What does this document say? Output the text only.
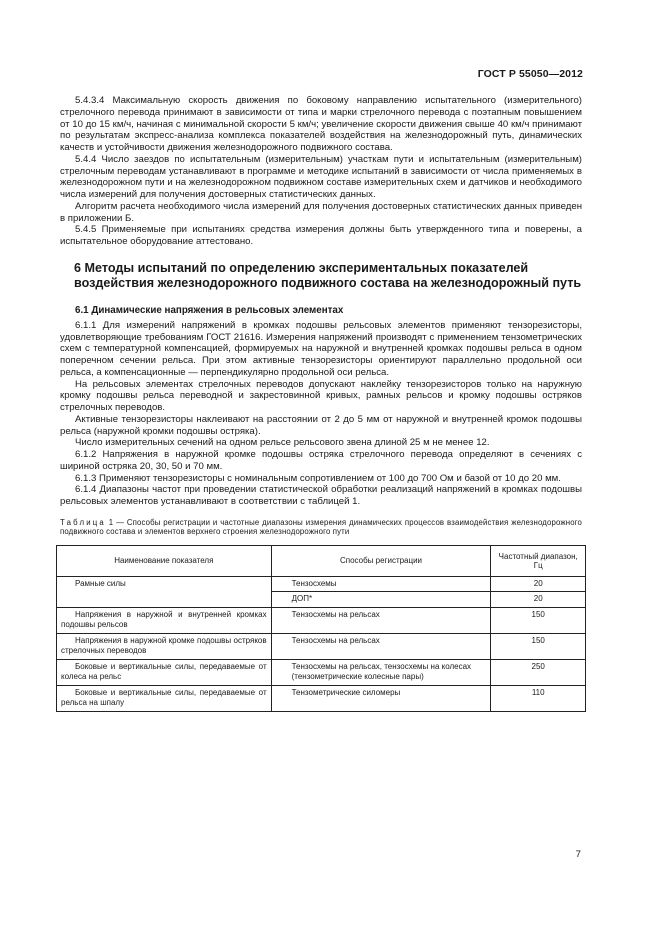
ГОСТ Р 55050—2012

5.4.3.4 Максимальную скорость движения по боковому направлению испытательного (измерительного) стрелочного перевода принимают в зависимости от типа и марки стрелочного перевода с поэтапным повышением от 10 до 15 км/ч, начиная с минимальной скорости 5 км/ч; увеличение скорости движения свыше 40 км/ч принимают по результатам экспресс-анализа комплекса показателей воздействия на железнодорожный путь, динамических качеств и устойчивости движения железнодорожного подвижного состава.

5.4.4 Число заездов по испытательным (измерительным) участкам пути и испытательным (измерительным) стрелочным переводам устанавливают в программе и методике испытаний в зависимости от числа применяемых в железнодорожном пути и на железнодорожном подвижном составе измерительных схем и датчиков и необходимого числа измерений для получения достоверных статистических данных.

Алгоритм расчета необходимого числа измерений для получения достоверных статистических данных приведен в приложении Б.

5.4.5 Применяемые при испытаниях средства измерения должны быть утвержденного типа и поверены, а испытательное оборудование аттестовано.

6 Методы испытаний по определению экспериментальных показателей воздействия железнодорожного подвижного состава на железнодорожный путь
6.1 Динамические напряжения в рельсовых элементах

6.1.1 Для измерений напряжений в кромках подошвы рельсовых элементов применяют тензорезисторы, удовлетворяющие требованиям ГОСТ 21616. Измерения напряжений производят с применением тензометрических схем с температурной компенсацией, формируемых на наружной и внутренней кромках подошвы рельса в одном поперечном сечении рельса. При этом активные тензорезисторы ориентируют параллельно продольной оси рельса, а компенсационные — перпендикулярно продольной оси рельса.

На рельсовых элементах стрелочных переводов допускают наклейку тензорезисторов только на наружную кромку подошвы рельса переводной и закрестовинной кривых, рамных рельсов и кромку подошвы остряков стрелочных переводов.

Активные тензорезисторы наклеивают на расстоянии от 2 до 5 мм от наружной и внутренней кромок подошвы рельса (наружной кромки подошвы остряка).

Число измерительных сечений на одном рельсе рельсового звена длиной 25 м не менее 12.

6.1.2 Напряжения в наружной кромке подошвы остряка стрелочного перевода определяют в сечениях с шириной остряка 20, 30, 50 и 70 мм.

6.1.3 Применяют тензорезисторы с номинальным сопротивлением от 100 до 700 Ом и базой от 10 до 20 мм.

6.1.4 Диапазоны частот при проведении статистической обработки реализаций напряжений в кромках подошвы рельсовых элементов устанавливают в соответствии с таблицей 1.

Таблица 1 — Способы регистрации и частотные диапазоны измерения динамических процессов взаимодействия железнодорожного подвижного состава и элементов верхнего строения железнодорожного пути

Наименование показателя	Способы регистрации	Частотный диапазон, Гц
Рамные силы	Тензосхемы	20
	ДОП*	20
Напряжения в наружной и внутренней кромках подошвы рельсов	Тензосхемы на рельсах	150
Напряжения в наружной кромке подошвы остряков стрелочных переводов	Тензосхемы на рельсах	150
Боковые и вертикальные силы, передаваемые от колеса на рельс	Тензосхемы на рельсах, тензосхемы на колесах (тензометрические колесные пары)	250
Боковые и вертикальные силы, передаваемые от рельса на шпалу	Тензометрические силомеры	110
7
